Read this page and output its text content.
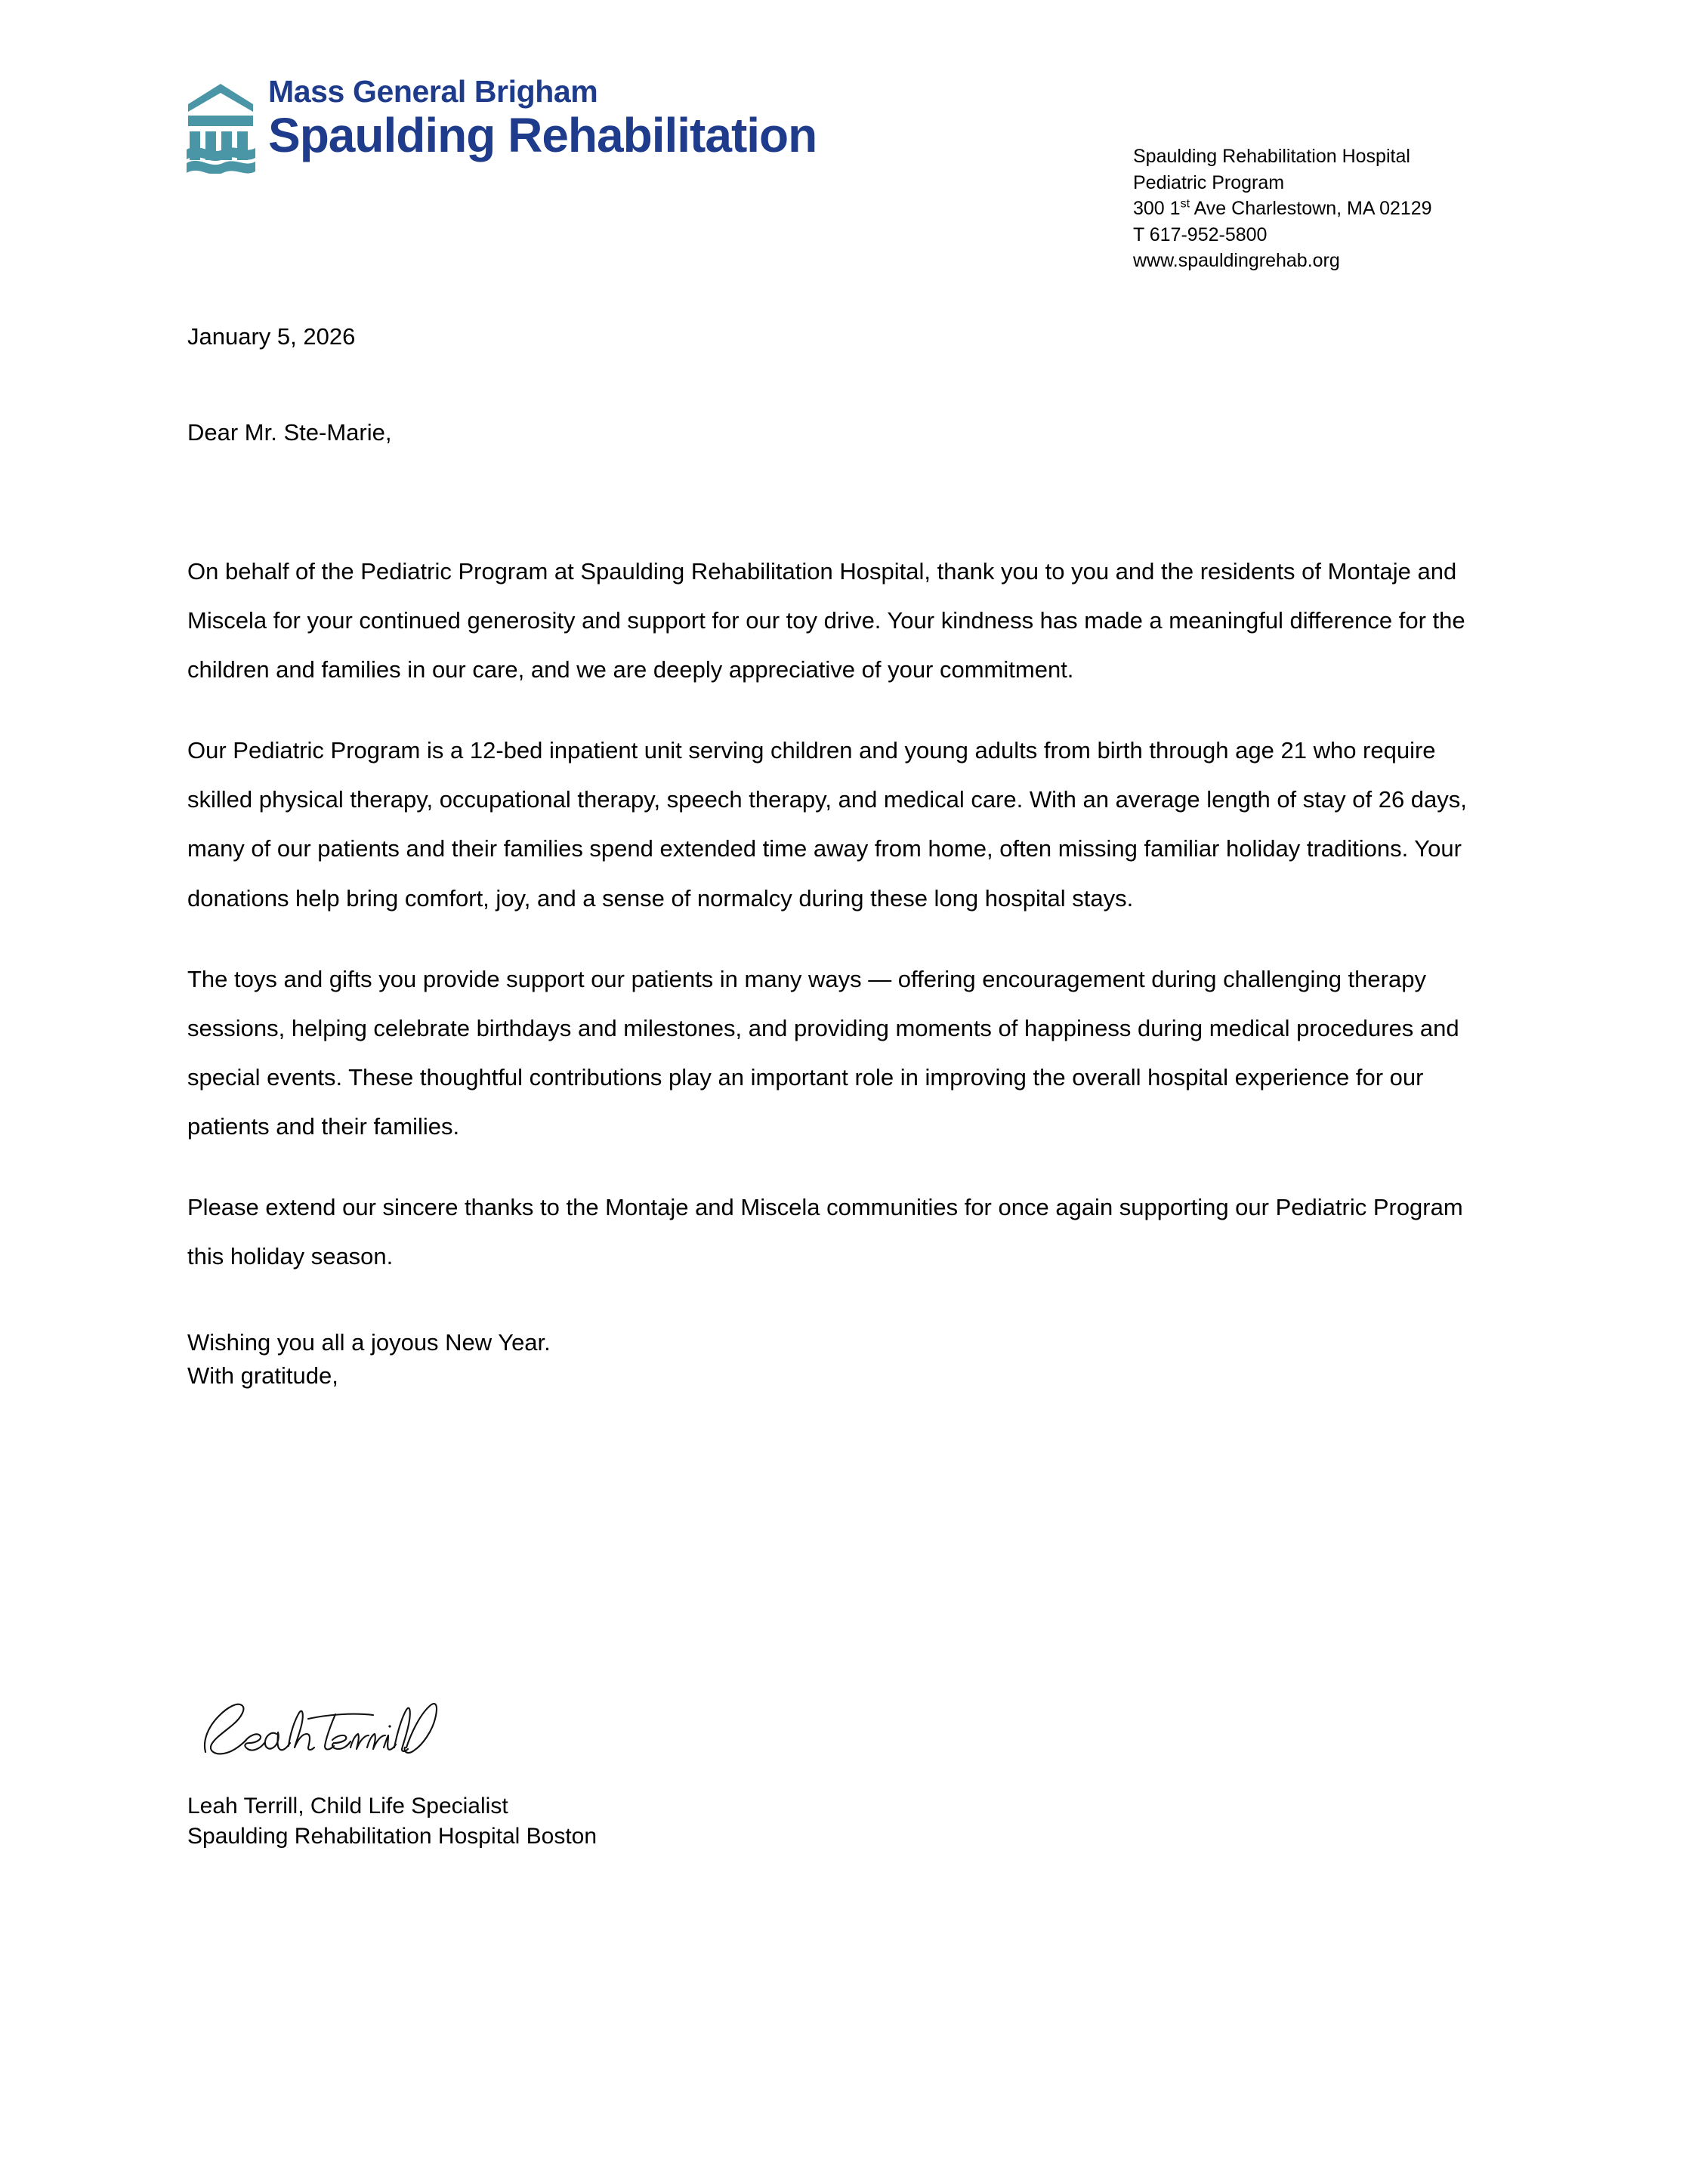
Mass General Brigham
Spaulding Rehabilitation	Spaulding Rehabilitation Hospital
Pediatric Program
300 1st Ave Charlestown, MA 02129
T 617-952-5800
www.spauldingrehab.org
January 5, 2026
Dear Mr. Ste-Marie,

On behalf of the Pediatric Program at Spaulding Rehabilitation Hospital, thank you to you and the residents of Montaje and Miscela for your continued generosity and support for our toy drive. Your kindness has made a meaningful difference for the children and families in our care, and we are deeply appreciative of your commitment.

Our Pediatric Program is a 12-bed inpatient unit serving children and young adults from birth through age 21 who require skilled physical therapy, occupational therapy, speech therapy, and medical care. With an average length of stay of 26 days, many of our patients and their families spend extended time away from home, often missing familiar holiday traditions. Your donations help bring comfort, joy, and a sense of normalcy during these long hospital stays.

The toys and gifts you provide support our patients in many ways — offering encouragement during challenging therapy sessions, helping celebrate birthdays and milestones, and providing moments of happiness during medical procedures and special events. These thoughtful contributions play an important role in improving the overall hospital experience for our patients and their families.

Please extend our sincere thanks to the Montaje and Miscela communities for once again supporting our Pediatric Program this holiday season.

Wishing you all a joyous New Year.
With gratitude,
Leah Terrill, Child Life Specialist
Spaulding Rehabilitation Hospital Boston
